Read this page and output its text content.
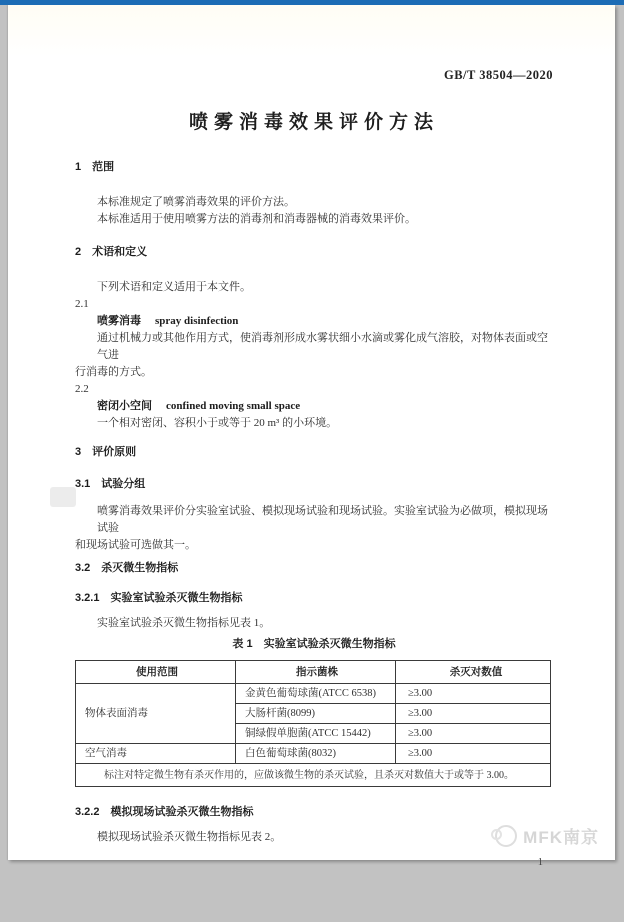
GB/T 38504—2020
喷雾消毒效果评价方法
1　范围
本标准规定了喷雾消毒效果的评价方法。
本标准适用于使用喷雾方法的消毒剂和消毒器械的消毒效果评价。
2　术语和定义
下列术语和定义适用于本文件。
2.1
喷雾消毒 spray disinfection
通过机械力或其他作用方式，使消毒剂形成水雾状细小水滴或雾化成气溶胶，对物体表面或空气进
行消毒的方式。
2.2
密闭小空间 confined moving small space
一个相对密闭、容积小于或等于 20 m³ 的小环境。
3　评价原则
3.1　试验分组
喷雾消毒效果评价分实验室试验、模拟现场试验和现场试验。实验室试验为必做项，模拟现场试验
和现场试验可选做其一。
3.2　杀灭微生物指标
3.2.1　实验室试验杀灭微生物指标
实验室试验杀灭微生物指标见表 1。
表 1　实验室试验杀灭微生物指标
使用范围	指示菌株	杀灭对数值
物体表面消毒	金黄色葡萄球菌(ATCC 6538)	≥3.00
	大肠杆菌(8099)	≥3.00
	铜绿假单胞菌(ATCC 15442)	≥3.00
空气消毒	白色葡萄球菌(8032)	≥3.00
标注对特定微生物有杀灭作用的，应做该微生物的杀灭试验，且杀灭对数值大于或等于 3.00。		
3.2.2　模拟现场试验杀灭微生物指标
模拟现场试验杀灭微生物指标见表 2。
1
MFK南京
